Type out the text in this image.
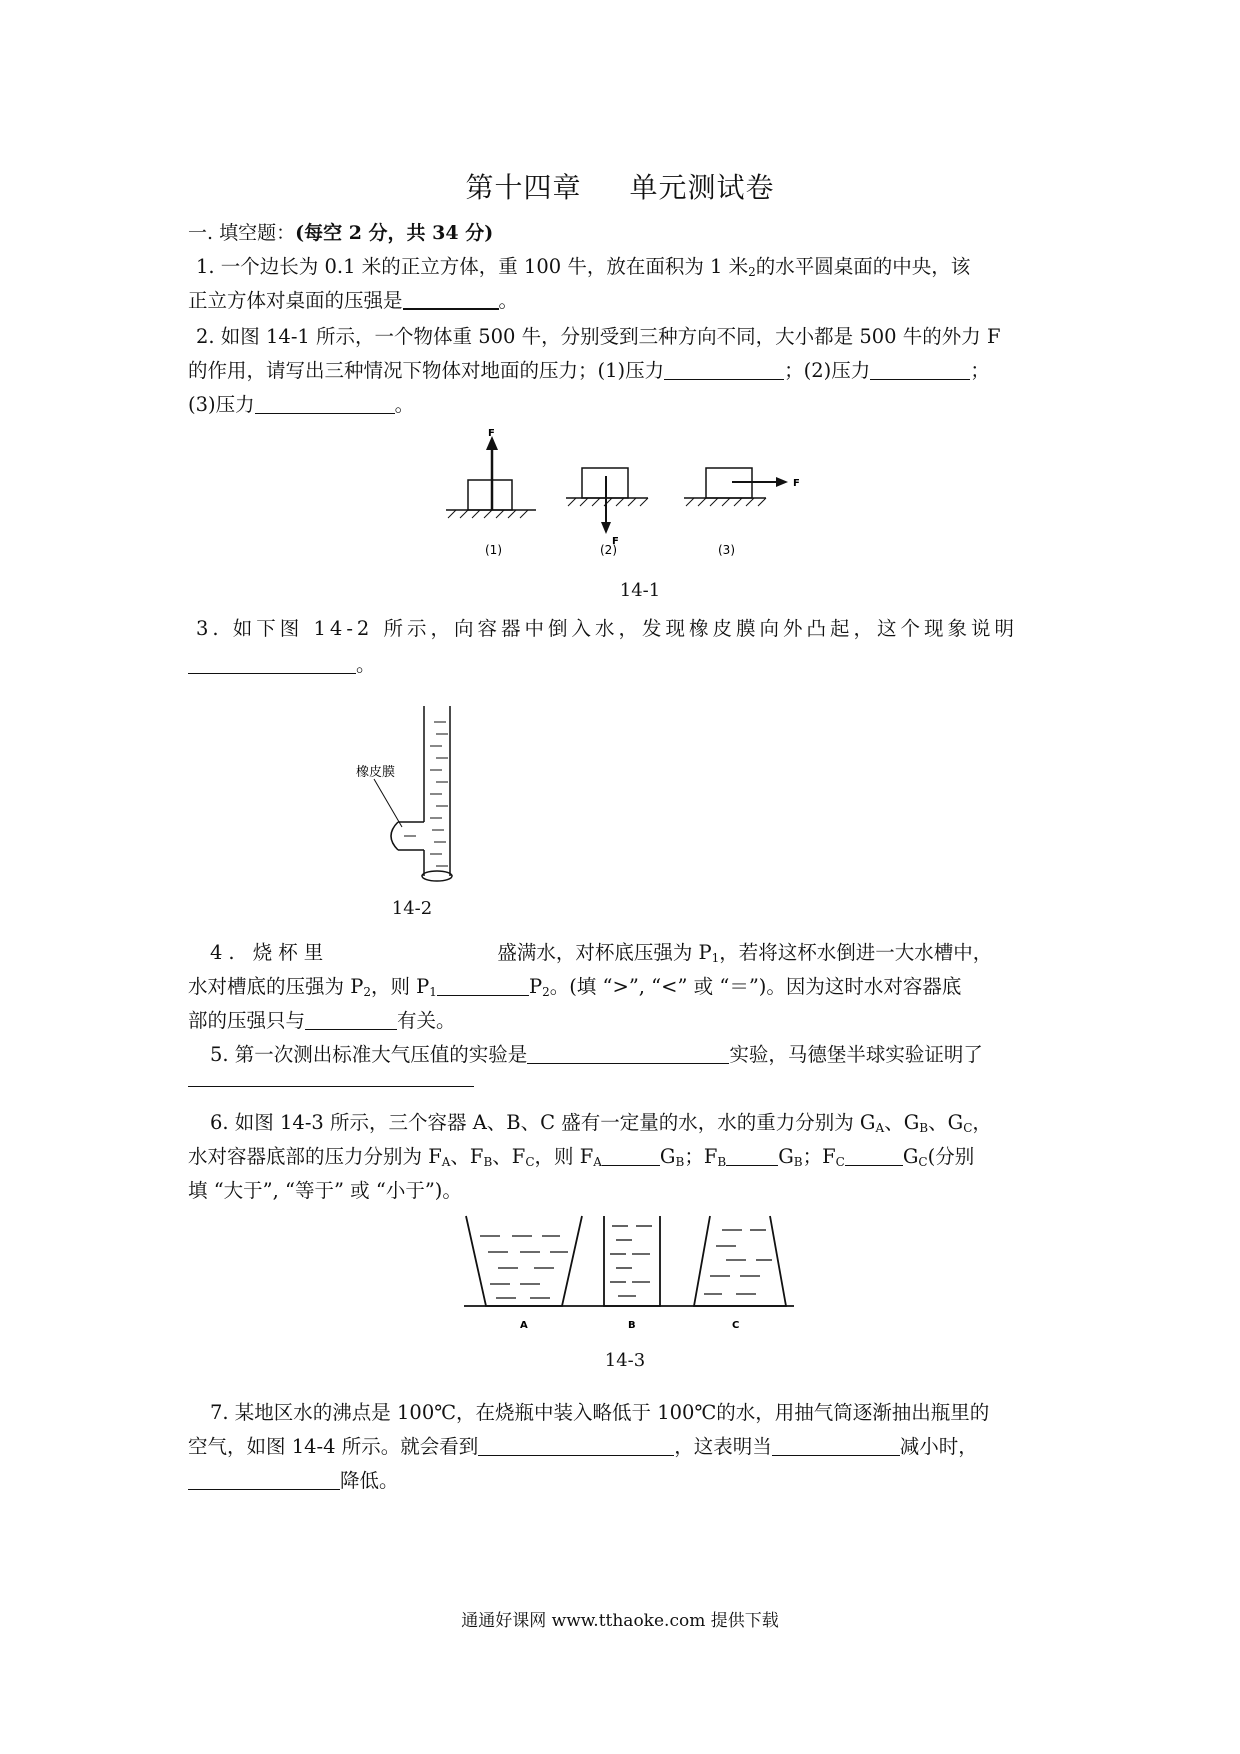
第十四章 单元测试卷
一. 填空题：(每空 2 分，共 34 分)
1. 一个边长为 0.1 米的正立方体，重 100 牛，放在面积为 1 米$_2$的水平圆桌面的中央，该
正立方体对桌面的压强是	。
2. 如图 14-1 所示，一个物体重 500 牛，分别受到三种方向不同，大小都是 500 牛的外力 F
的作用，请写出三种情况下物体对地面的压力；(1)压力	；(2)压力	；
(3)压力	。
F
F
F
(1)	(2)	(3)
14-1
3. 如下图 14-2 所示，向容器中倒入水，发现橡皮膜向外凸起，这个现象说明
。
橡皮膜
14-2
4. 烧杯里	盛满水，对杯底压强为 $P_1$，若将这杯水倒进一大水槽中，
水对槽底的压强为 $P_2$，则 $P_1$	$P_2$。(填 “>”, “<” 或 “＝”)。因为这时水对容器底
部的压强只与	有关。
5. 第一次测出标准大气压值的实验是	实验，马德堡半球实验证明了
6. 如图 14-3 所示，三个容器 A、B、C 盛有一定量的水，水的重力分别为 $G_A$、$G_B$、$G_C$，
水对容器底部的压力分别为 $F_A$、$F_B$、$F_C$，则 $F_A$	$G_B$；$F_B$	$G_B$；$F_C$	$G_C$(分别
填 “大于”, “等于” 或 “小于”)。
A	B	C
14-3
7. 某地区水的沸点是 100℃，在烧瓶中装入略低于 100℃的水，用抽气筒逐渐抽出瓶里的
空气，如图 14-4 所示。就会看到	，这表明当	减小时，
降低。
通通好课网 www.tthaoke.com 提供下载
